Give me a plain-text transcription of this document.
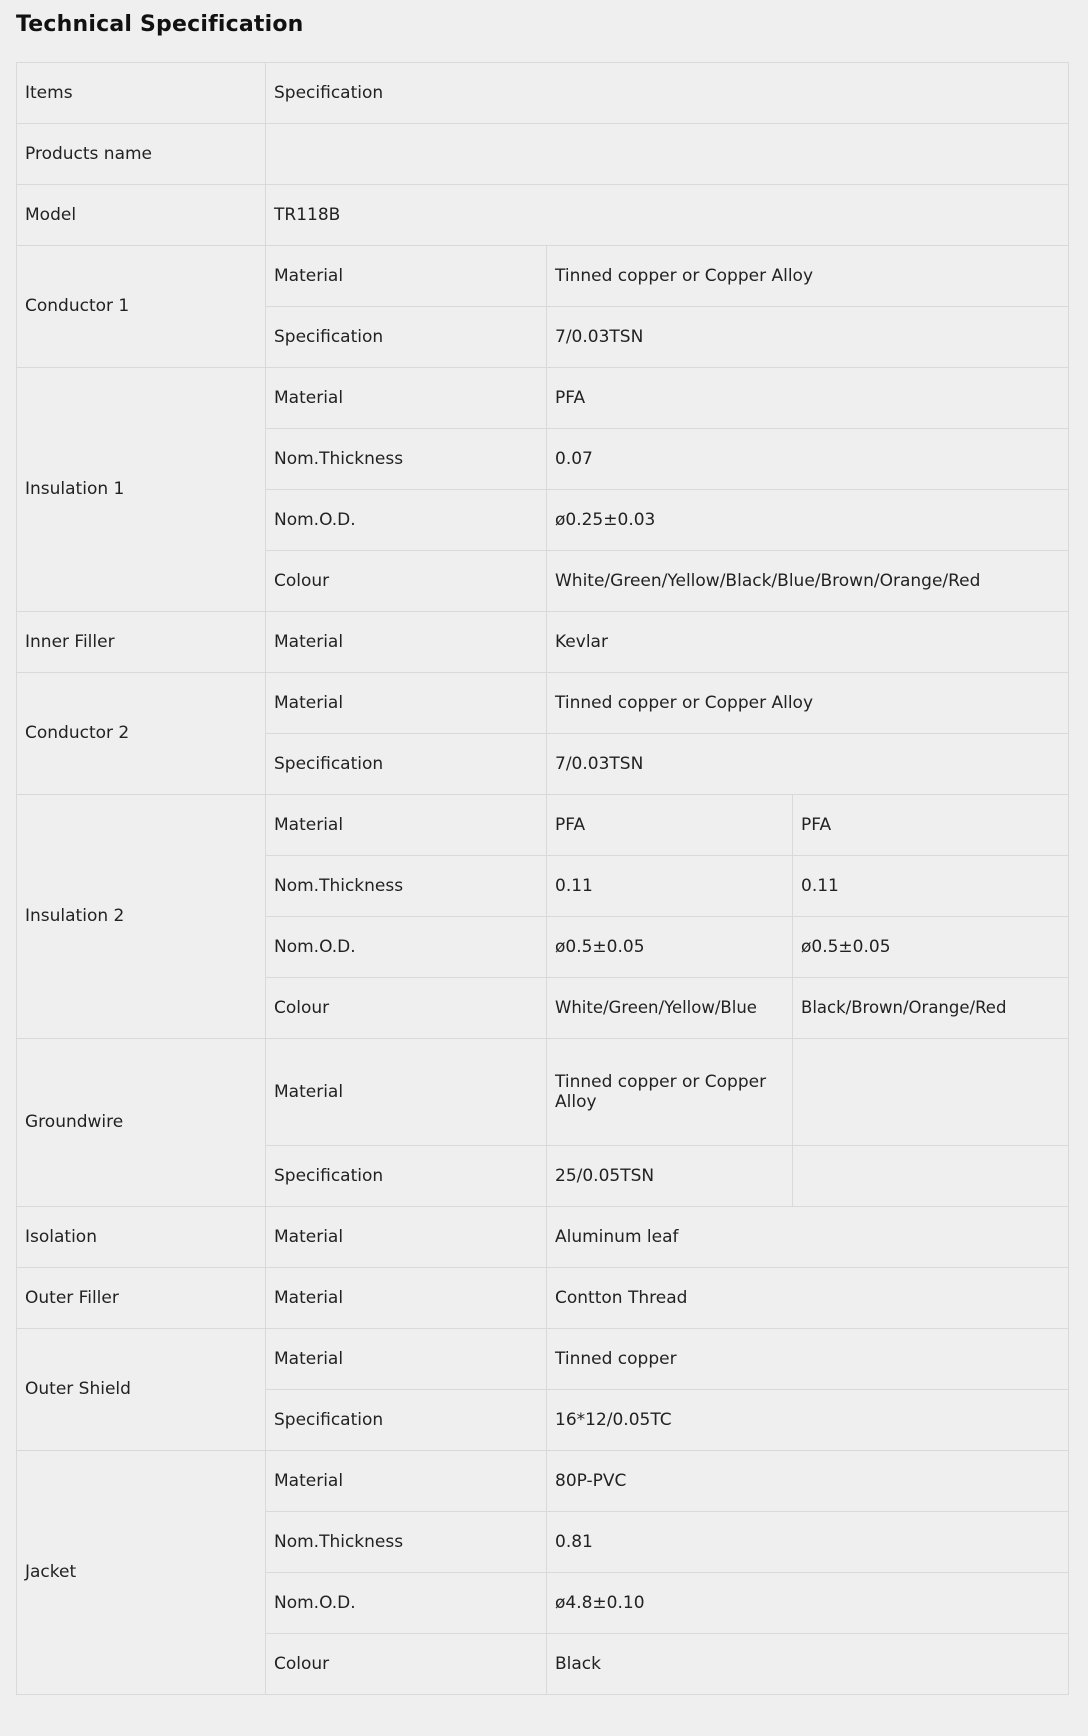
Technical Specification
Items	Specification		
Products name			
Model	TR118B		
Conductor 1	Material	Tinned copper or Copper Alloy	
	Specification	7/0.03TSN	
Insulation 1	Material	PFA	
	Nom.Thickness	0.07	
	Nom.O.D.	ø0.25±0.03	
	Colour	White/Green/Yellow/Black/Blue/Brown/Orange/Red	
Inner Filler	Material	Kevlar	
Conductor 2	Material	Tinned copper or Copper Alloy	
	Specification	7/0.03TSN	
Insulation 2	Material	PFA	PFA
	Nom.Thickness	0.11	0.11
	Nom.O.D.	ø0.5±0.05	ø0.5±0.05
	Colour	White/Green/Yellow/Blue	Black/Brown/Orange/Red
Groundwire	Material	Tinned copper or Copper Alloy	
	Specification	25/0.05TSN	
Isolation	Material	Aluminum leaf	
Outer Filler	Material	Contton Thread	
Outer Shield	Material	Tinned copper	
	Specification	16*12/0.05TC	
Jacket	Material	80P-PVC	
	Nom.Thickness	0.81	
	Nom.O.D.	ø4.8±0.10	
	Colour	Black	
